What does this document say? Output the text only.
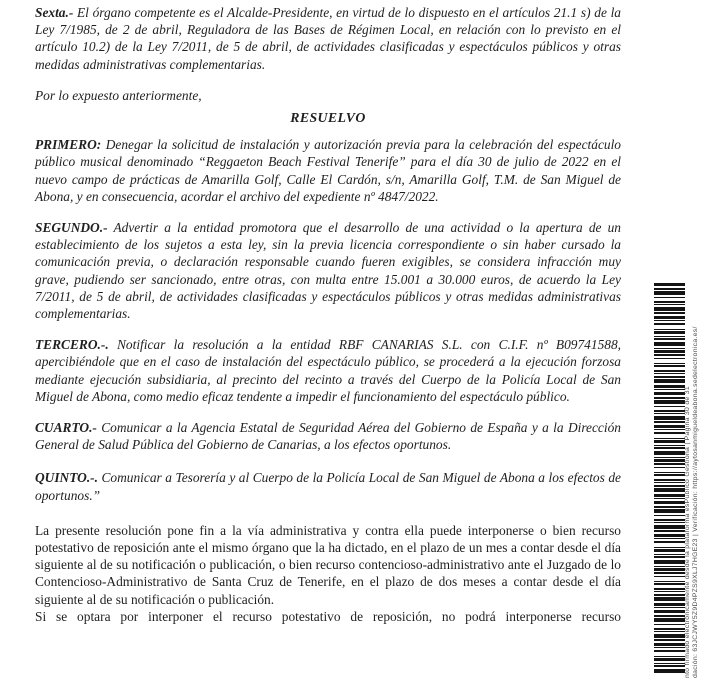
Sexta.- El órgano competente es el Alcalde-Presidente, en virtud de lo dispuesto en el artículos 21.1 s) de la Ley 7/1985, de 2 de abril, Reguladora de las Bases de Régimen Local, en relación con lo previsto en el artículo 10.2) de la Ley 7/2011, de 5 de abril, de actividades clasificadas y espectáculos públicos y otras medidas administrativas complementarias.

Por lo expuesto anteriormente,

RESUELVO

PRIMERO: Denegar la solicitud de instalación y autorización previa para la celebración del espectáculo público musical denominado “Reggaeton Beach Festival Tenerife” para el día 30 de julio de 2022 en el nuevo campo de prácticas de Amarilla Golf, Calle El Cardón, s/n, Amarilla Golf, T.M. de San Miguel de Abona, y en consecuencia, acordar el archivo del expediente nº 4847/2022.

SEGUNDO.- Advertir a la entidad promotora que el desarrollo de una actividad o la apertura de un establecimiento de los sujetos a esta ley, sin la previa licencia correspondiente o sin haber cursado la comunicación previa, o declaración responsable cuando fueren exigibles, se considera infracción muy grave, pudiendo ser sancionado, entre otras, con multa entre 15.001 a 30.000 euros, de acuerdo la Ley 7/2011, de 5 de abril, de actividades clasificadas y espectáculos públicos y otras medidas administrativas complementarias.

TERCERO.-. Notificar la resolución a la entidad RBF CANARIAS S.L. con C.I.F. nº B09741588, apercibiéndole que en el caso de instalación del espectáculo público, se procederá a la ejecución forzosa mediante ejecución subsidiaria, al precinto del recinto a través del Cuerpo de la Policía Local de San Miguel de Abona, como medio eficaz tendente a impedir el funcionamiento del espectáculo público.

CUARTO.- Comunicar a la Agencia Estatal de Seguridad Aérea del Gobierno de España y a la Dirección General de Salud Pública del Gobierno de Canarias, a los efectos oportunos.

QUINTO.-. Comunicar a Tesorería y al Cuerpo de la Policía Local de San Miguel de Abona a los efectos de oportunos.”

La presente resolución pone fin a la vía administrativa y contra ella puede interponerse o bien recurso potestativo de reposición ante el mismo órgano que la ha dictado, en el plazo de un mes a contar desde el día siguiente al de su notificación o publicación, o bien recurso contencioso-administrativo ante el Juzgado de lo Contencioso-Administrativo de Santa Cruz de Tenerife, en el plazo de dos meses a contar desde el día siguiente al de su notificación o publicación.

Si se optara por interponer el recurso potestativo de reposición, no podrá interponerse recurso	nto firmado electrónicamente desde la plataforma esPublico Gestiona | Página 30 de 31 dación: 63JCJWY5Z9D4PZS9XLJ7HGE23 | Verificación: https://aytosanmigueldeabona.sedelectronica.es/
